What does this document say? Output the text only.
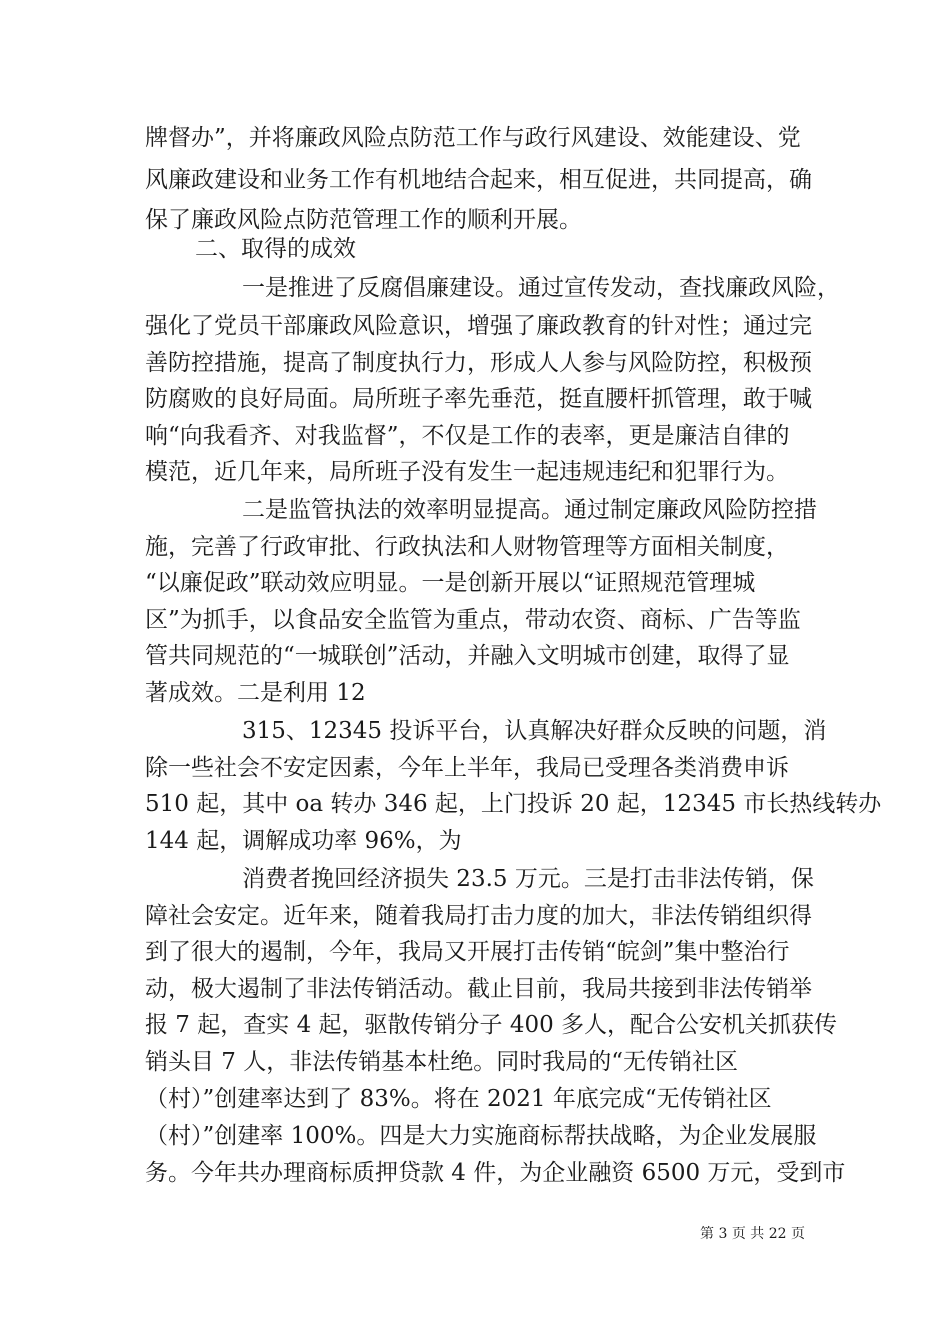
牌督办”，并将廉政风险点防范工作与政行风建设、效能建设、党
风廉政建设和业务工作有机地结合起来，相互促进，共同提高，确
保了廉政风险点防范管理工作的顺利开展。
二、取得的成效
一是推进了反腐倡廉建设。通过宣传发动，查找廉政风险，
强化了党员干部廉政风险意识，增强了廉政教育的针对性；通过完
善防控措施，提高了制度执行力，形成人人参与风险防控，积极预
防腐败的良好局面。局所班子率先垂范，挺直腰杆抓管理，敢于喊
响“向我看齐、对我监督”，不仅是工作的表率，更是廉洁自律的
模范，近几年来，局所班子没有发生一起违规违纪和犯罪行为。
二是监管执法的效率明显提高。通过制定廉政风险防控措
施，完善了行政审批、行政执法和人财物管理等方面相关制度，
“以廉促政”联动效应明显。一是创新开展以“证照规范管理城
区”为抓手，以食品安全监管为重点，带动农资、商标、广告等监
管共同规范的“一城联创”活动，并融入文明城市创建，取得了显
著成效。二是利用 12
315、12345 投诉平台，认真解决好群众反映的问题，消
除一些社会不安定因素，今年上半年，我局已受理各类消费申诉
510 起，其中 oa 转办 346 起，上门投诉 20 起，12345 市长热线转办
144 起，调解成功率 96%，为
消费者挽回经济损失 23.5 万元。三是打击非法传销，保
障社会安定。近年来，随着我局打击力度的加大，非法传销组织得
到了很大的遏制，今年，我局又开展打击传销“皖剑”集中整治行
动，极大遏制了非法传销活动。截止目前，我局共接到非法传销举
报 7 起，查实 4 起，驱散传销分子 400 多人，配合公安机关抓获传
销头目 7 人，非法传销基本杜绝。同时我局的“无传销社区
（村）”创建率达到了 83%。将在 2021 年底完成“无传销社区
（村）”创建率 100%。四是大力实施商标帮扶战略，为企业发展服
务。今年共办理商标质押贷款 4 件，为企业融资 6500 万元，受到市
第 3 页 共 22 页
